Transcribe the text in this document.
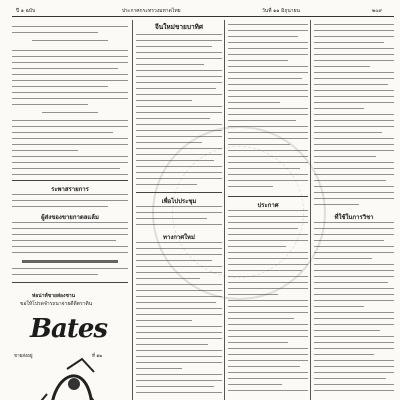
ปี ๑ ฉบับ	ประกาศกระทรวงมหาดไทย	วันที่ ๑๑ มิถุนายน	๒๐๙
ระพาสรายการ
ผู้ส่งของขายกาตลแล้ม
ห่อน่าห้ขายส่องชาน
ขอให้โปรดจำรถนาจ่ายดีดีตราดิน
Bates
ขายส่งอยู่	ที่ ๑๒
จีนใหม่ขายบาทิศ
เพื่อไปประชุม
ทางกาศใหม่
ประกาศ
ที่ใช้ในการวิชา
